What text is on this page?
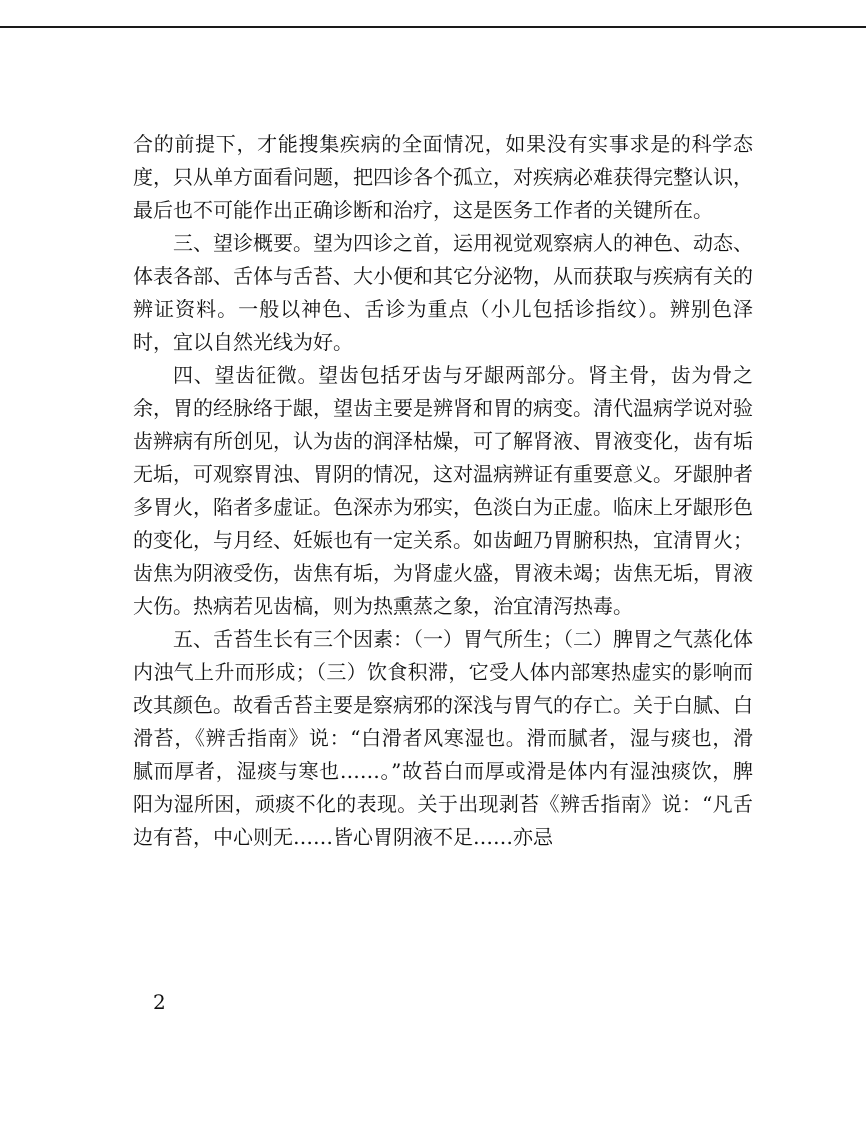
合的前提下，才能搜集疾病的全面情况，如果没有实事求是的科学态度，只从单方面看问题，把四诊各个孤立，对疾病必难获得完整认识，最后也不可能作出正确诊断和治疗，这是医务工作者的关键所在。

三、望诊概要。望为四诊之首，运用视觉观察病人的神色、动态、体表各部、舌体与舌苔、大小便和其它分泌物，从而获取与疾病有关的辨证资料。一般以神色、舌诊为重点（小儿包括诊指纹）。辨别色泽时，宜以自然光线为好。

四、望齿征微。望齿包括牙齿与牙龈两部分。肾主骨，齿为骨之余，胃的经脉络于龈，望齿主要是辨肾和胃的病变。清代温病学说对验齿辨病有所创见，认为齿的润泽枯燥，可了解肾液、胃液变化，齿有垢无垢，可观察胃浊、胃阴的情况，这对温病辨证有重要意义。牙龈肿者多胃火，陷者多虚证。色深赤为邪实，色淡白为正虚。临床上牙龈形色的变化，与月经、妊娠也有一定关系。如齿衄乃胃腑积热，宜清胃火；齿焦为阴液受伤，齿焦有垢，为肾虚火盛，胃液未竭；齿焦无垢，胃液大伤。热病若见齿槁，则为热熏蒸之象，治宜清泻热毒。

五、舌苔生长有三个因素：（一）胃气所生；（二）脾胃之气蒸化体内浊气上升而形成；（三）饮食积滞，它受人体内部寒热虚实的影响而改其颜色。故看舌苔主要是察病邪的深浅与胃气的存亡。关于白腻、白滑苔，《辨舌指南》说：“白滑者风寒湿也。滑而腻者，湿与痰也，滑腻而厚者，湿痰与寒也……。”故苔白而厚或滑是体内有湿浊痰饮，脾阳为湿所困，顽痰不化的表现。关于出现剥苔《辨舌指南》说：“凡舌边有苔，中心则无……皆心胃阴液不足……亦忌

2
